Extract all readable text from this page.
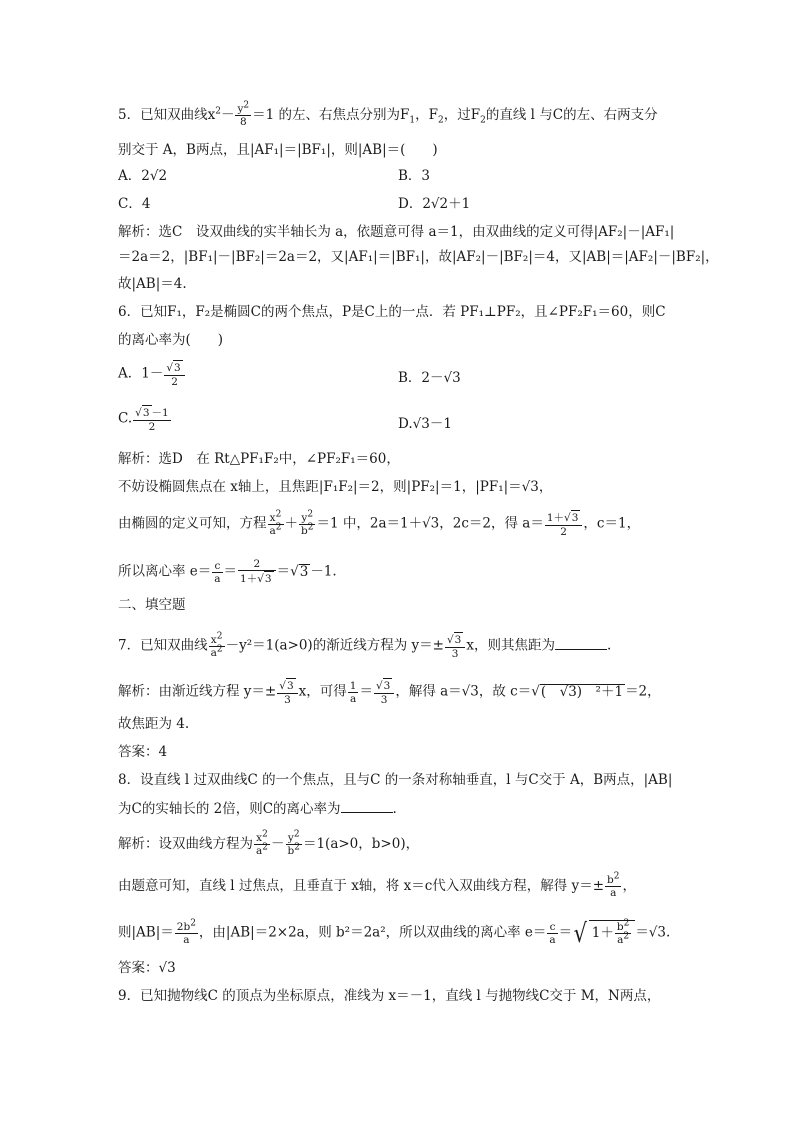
5．已知双曲线$x^2- \frac{y^2}{8} =1$ 的左、右焦点分别为$F_1$，$F_2$，过$F_2$的直线 l 与C的左、右两支分
别交于 A，B两点，且|AF₁|＝|BF₁|，则|AB|＝(　　)
A．2√2	B．3
C．4	D．2√2＋1
解析：选C　设双曲线的实半轴长为 a，依题意可得 a＝1，由双曲线的定义可得|AF₂|－|AF₁|
＝2a＝2，|BF₁|－|BF₂|＝2a＝2，又|AF₁|＝|BF₁|，故|AF₂|－|BF₂|＝4，又|AB|＝|AF₂|－|BF₂|，
故|AB|＝4.
6．已知F₁，F₂是椭圆C的两个焦点，P是C上的一点．若 PF₁⊥PF₂，且∠PF₂F₁＝60，则C
的离心率为(　　)
A．$1- \frac{√3}{2}$	B．2－√3
C. $\frac{√3 -1}{2}$	D.√3－1
解析：选D　在 Rt△PF₁F₂中，∠PF₂F₁＝60，
不妨设椭圆焦点在 x轴上，且焦距|F₁F₂|＝2，则|PF₂|＝1，|PF₁|＝√3，
由椭圆的定义可知，方程 $\frac{x^2}{a^2} + \frac{y^2}{b^2} =1$ 中，2a＝1＋√3，2c＝2，得 $a= \frac{1+√3}{2}$ ，c＝1，
所以离心率 $e= \frac{c}{a} = \frac{2}{1+√3} =√3 -1$.
二、填空题
7．已知双曲线 $\frac{x^2}{a^2} -y^2=1(a>0)$的渐近线方程为 $y=\pm \frac{√3}{3}$ x，则其焦距为	.
解析：由渐近线方程 $y=\pm \frac{√3}{3}$ x，可得 $\frac{1}{a} = \frac{√3}{3}$ ，解得 a＝√3，故 c＝√(　√3)　²＋1 ＝2，
故焦距为 4.
答案：4
8．设直线 l 过双曲线C 的一个焦点，且与C 的一条对称轴垂直，l 与C交于 A，B两点，|AB|
为C的实轴长的 2倍，则C的离心率为	.
解析：设双曲线方程为 $\frac{x^2}{a^2} - \frac{y^2}{b^2} =1(a>0$，b>0)，
由题意可知，直线 l 过焦点，且垂直于 x轴，将 x＝c代入双曲线方程，解得 $y=\pm \frac{b^2}{a}$ ，
则$|AB|= \frac{2b^2}{a}$ ，由|AB|＝2×2a，则 b²＝2a²，所以双曲线的离心率 $e= \frac{c}{a}$ ＝√ $1+ \frac{b^2}{a^2} =√3$.
答案：√3
9．已知抛物线C 的顶点为坐标原点，准线为 x＝－1，直线 l 与抛物线C交于 M，N两点，
